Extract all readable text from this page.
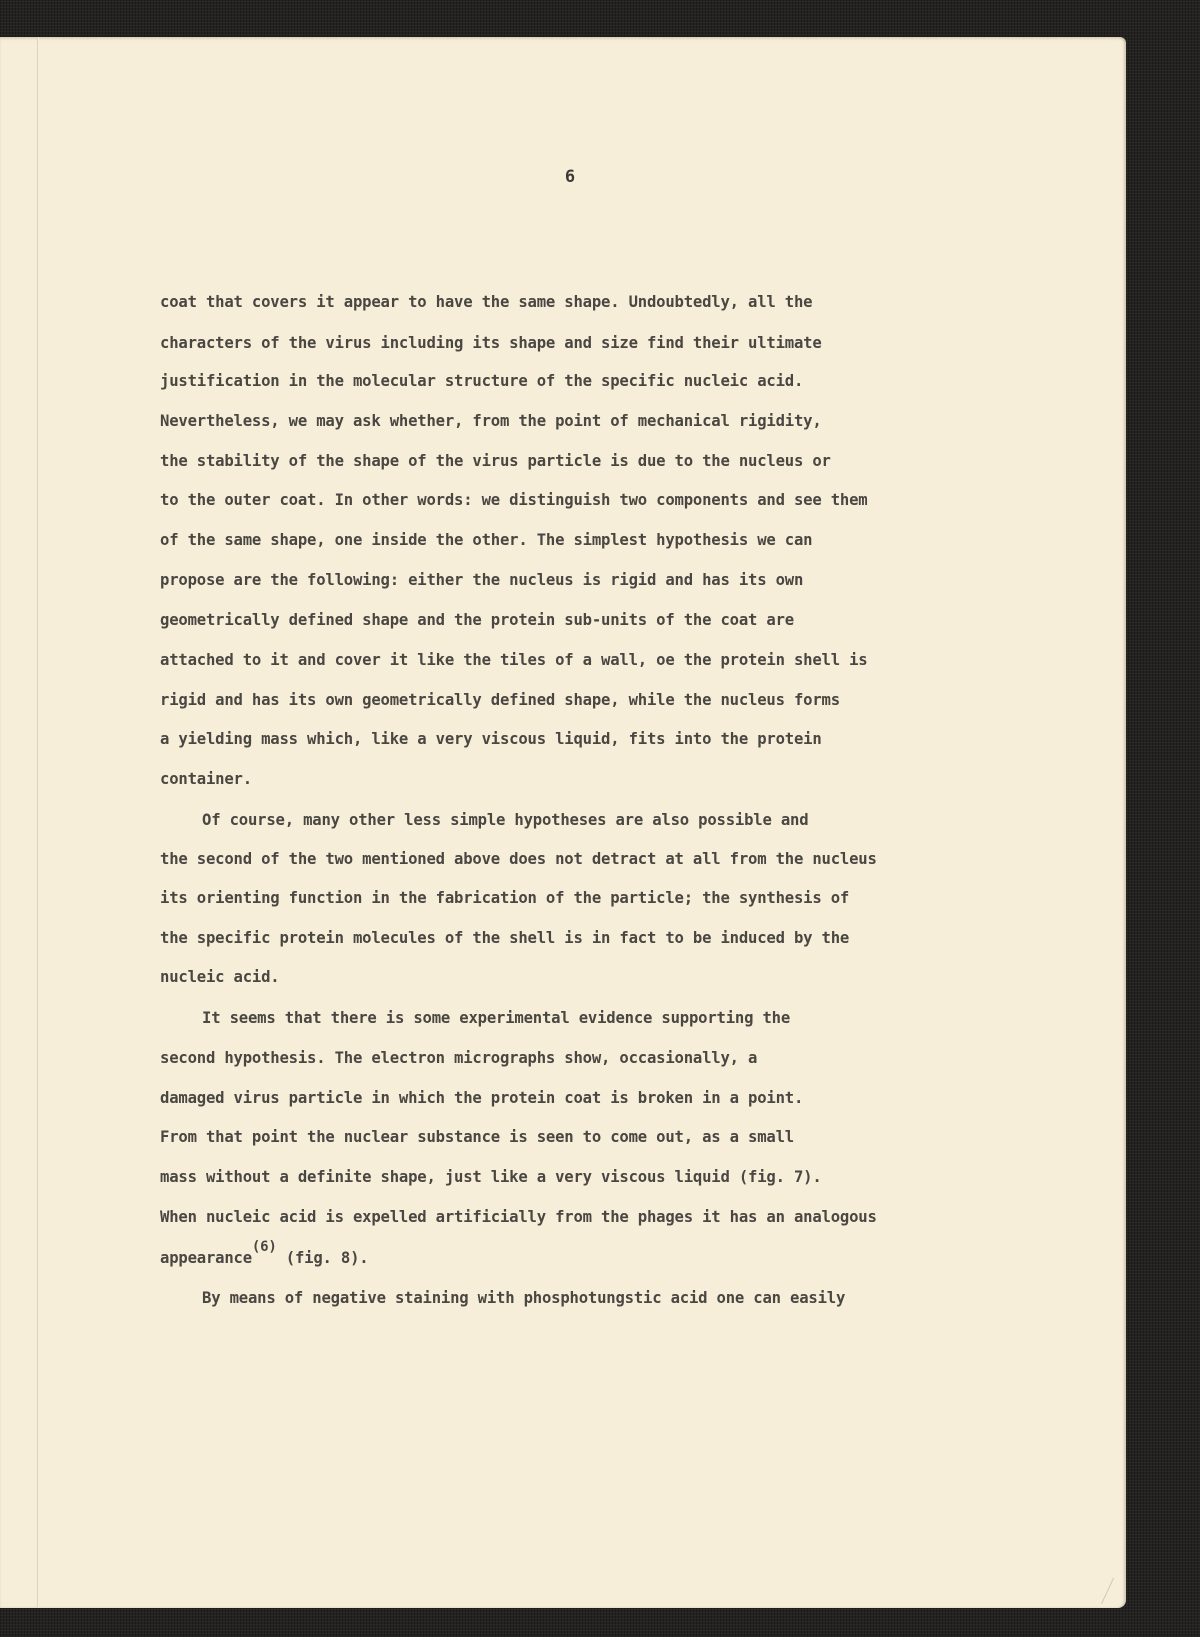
6
coat that covers it appear to have the same shape. Undoubtedly, all the
characters of the virus including its shape and size find their ultimate
justification in the molecular structure of the specific nucleic acid.
Nevertheless, we may ask whether, from the point of mechanical rigidity,
the stability of the shape of the virus particle is due to the nucleus or
to the outer coat. In other words: we distinguish two components and see them
of the same shape, one inside the other. The simplest hypothesis we can
propose are the following: either the nucleus is rigid and has its own
geometrically defined shape and the protein sub-units of the coat are
attached to it and cover it like the tiles of a wall, oe the protein shell is
rigid and has its own geometrically defined shape, while the nucleus forms
a yielding mass which, like a very viscous liquid, fits into the protein
container.
Of course, many other less simple hypotheses are also possible and
the second of the two mentioned above does not detract at all from the nucleus
its orienting function in the fabrication of the particle; the synthesis of
the specific protein molecules of the shell is in fact to be induced by the
nucleic acid.
It seems that there is some experimental evidence supporting the
second hypothesis. The electron micrographs show, occasionally, a
damaged virus particle in which the protein coat is broken in a point.
From that point the nuclear substance is seen to come out, as a small
mass without a definite shape, just like a very viscous liquid (fig. 7).
When nucleic acid is expelled artificially from the phages it has an analogous
appearance(6) (fig. 8).
By means of negative staining with phosphotungstic acid one can easily
